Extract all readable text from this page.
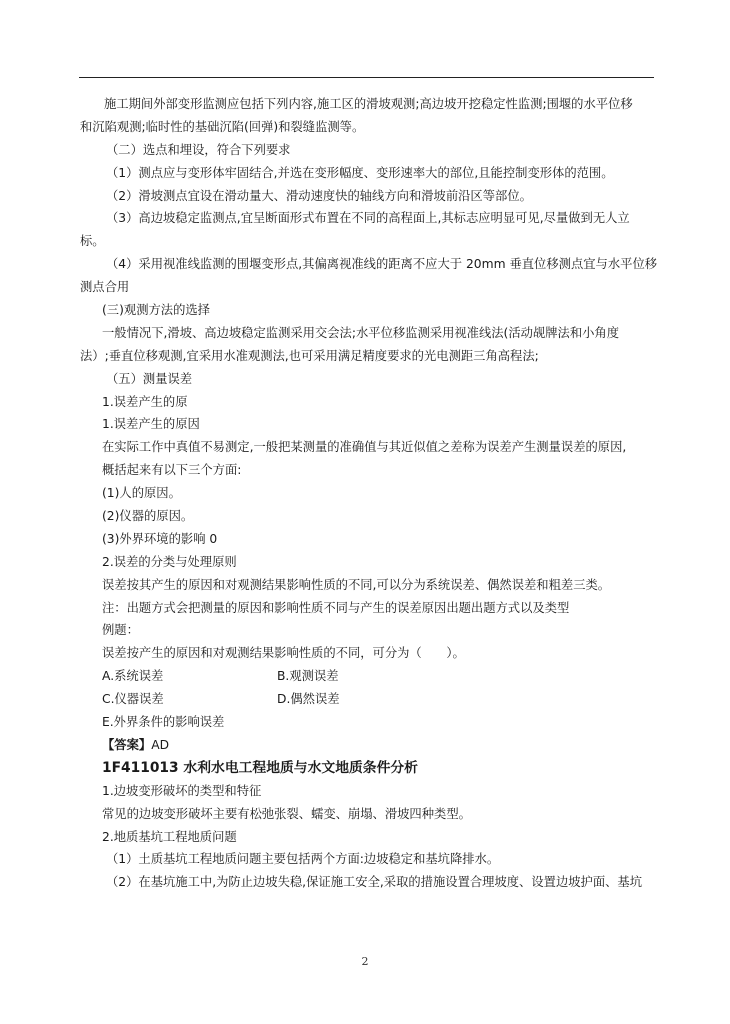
施工期间外部变形监测应包括下列内容,施工区的滑坡观测;高边坡开挖稳定性监测;围堰的水平位移
和沉陷观测;临时性的基础沉陷(回弹)和裂缝监测等。
（二）选点和埋设，符合下列要求
（1）测点应与变形体牢固结合,并选在变形幅度、变形速率大的部位,且能控制变形体的范围。
（2）滑坡测点宜设在滑动量大、滑动速度快的轴线方向和滑坡前沿区等部位。
（3）高边坡稳定监测点,宜呈断面形式布置在不同的高程面上,其标志应明显可见,尽量做到无人立
标。
（4）采用视准线监测的围堰变形点,其偏离视准线的距离不应大于 20mm 垂直位移测点宜与水平位移
测点合用
(三)观测方法的选择
一般情况下,滑坡、高边坡稳定监测采用交会法;水平位移监测采用视准线法(活动觇牌法和小角度
法）;垂直位移观测,宜采用水准观测法,也可采用满足精度要求的光电测距三角高程法;
（五）测量误差
1.误差产生的原
1.误差产生的原因
在实际工作中真值不易测定,一般把某测量的准确值与其近似值之差称为误差产生测量误差的原因,
概括起来有以下三个方面:
(1)人的原因。
(2)仪器的原因。
(3)外界环境的影响 0
2.误差的分类与处理原则
误差按其产生的原因和对观测结果影响性质的不同,可以分为系统误差、偶然误差和粗差三类。
注：出题方式会把测量的原因和影响性质不同与产生的误差原因出题出题方式以及类型
例题：
误差按产生的原因和对观测结果影响性质的不同，可分为（　　）。
A.系统误差	B.观测误差
C.仪器误差	D.偶然误差
E.外界条件的影响误差
【答案】AD
1F411013 水利水电工程地质与水文地质条件分析
1.边坡变形破坏的类型和特征
常见的边坡变形破坏主要有松弛张裂、蠕变、崩塌、滑坡四种类型。
2.地质基坑工程地质问题
（1）土质基坑工程地质问题主要包括两个方面:边坡稳定和基坑降排水。
（2）在基坑施工中,为防止边坡失稳,保证施工安全,采取的措施设置合理坡度、设置边坡护面、基坑
2
